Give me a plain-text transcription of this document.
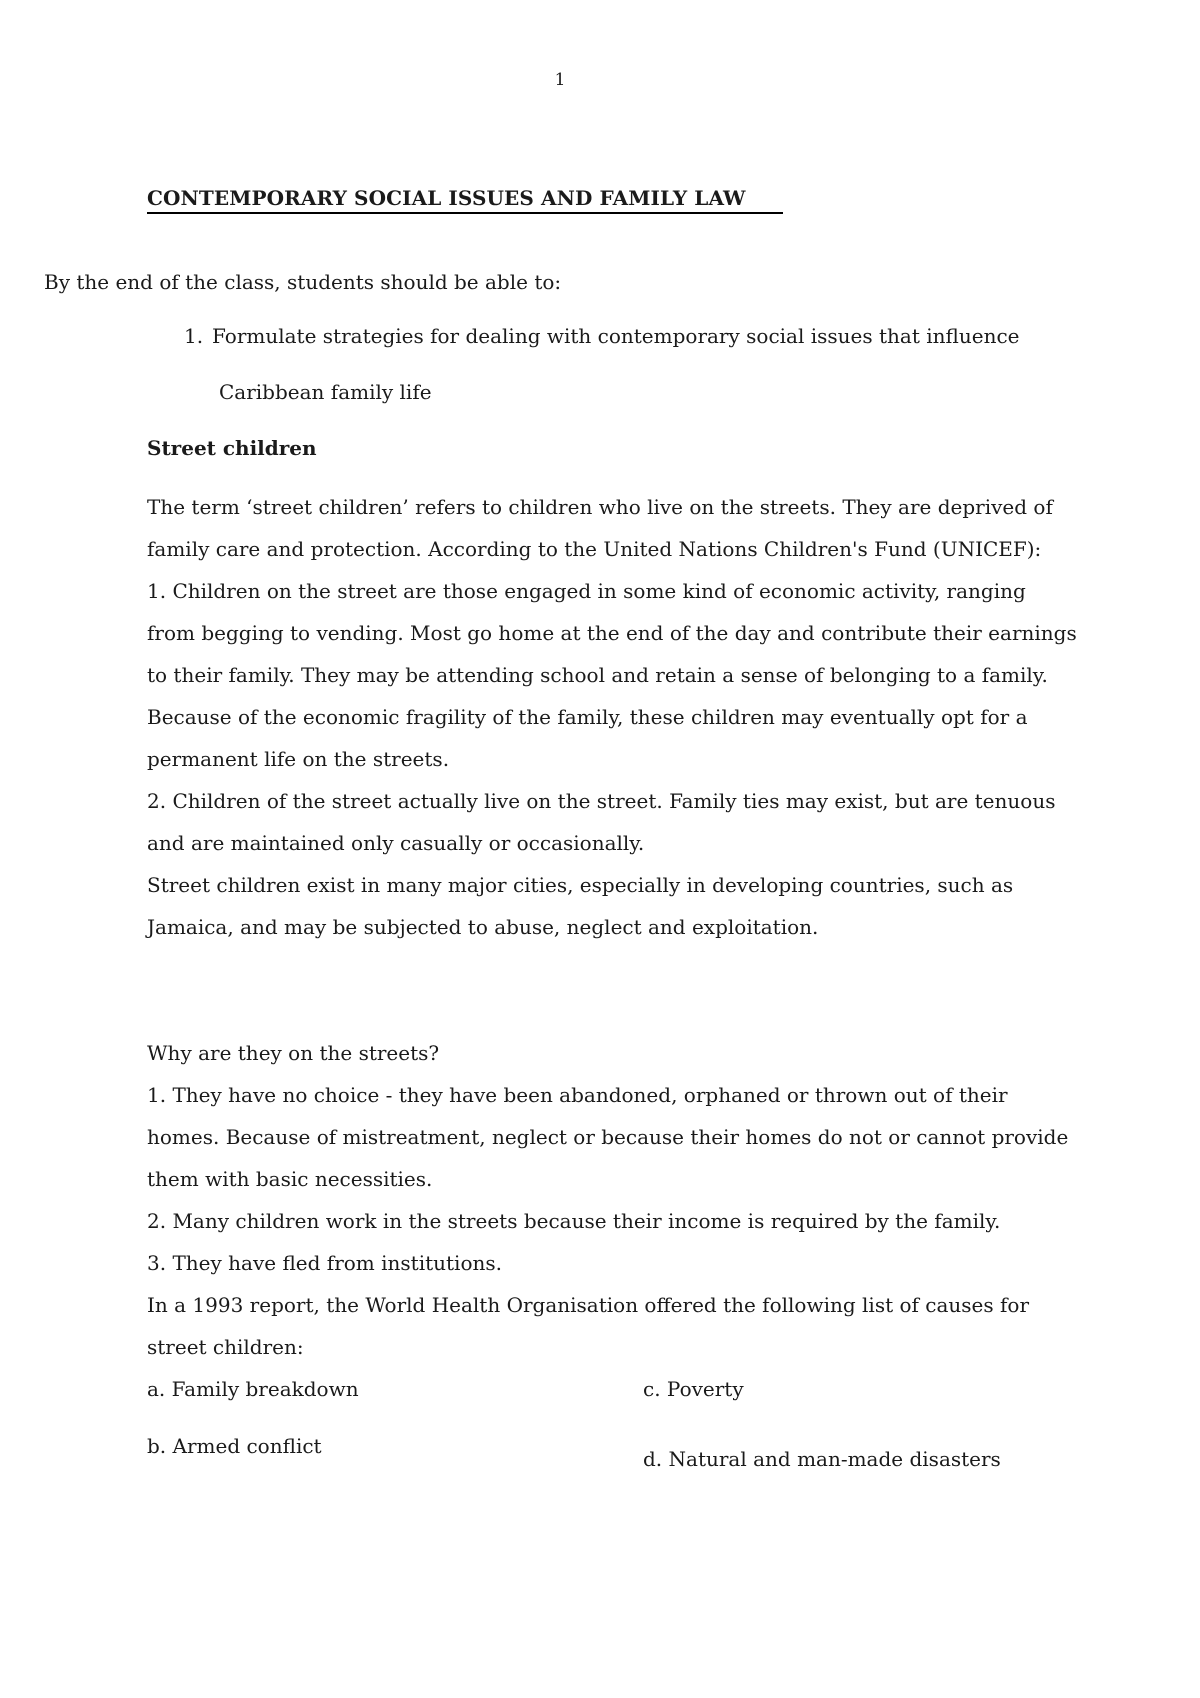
1
CONTEMPORARY SOCIAL ISSUES AND FAMILY LAW
By the end of the class, students should be able to:
1. Formulate strategies for dealing with contemporary social issues that influence
Caribbean family life
Street children

The term ‘street children’ refers to children who live on the streets. They are deprived of family care and protection. According to the United Nations Children's Fund (UNICEF):

1. Children on the street are those engaged in some kind of economic activity, ranging from begging to vending. Most go home at the end of the day and contribute their earnings to their family. They may be attending school and retain a sense of belonging to a family. Because of the economic fragility of the family, these children may eventually opt for a permanent life on the streets.

2. Children of the street actually live on the street. Family ties may exist, but are tenuous and are maintained only casually or occasionally.

Street children exist in many major cities, especially in developing countries, such as Jamaica, and may be subjected to abuse, neglect and exploitation.

Why are they on the streets?

1. They have no choice - they have been abandoned, orphaned or thrown out of their homes. Because of mistreatment, neglect or because their homes do not or cannot provide them with basic necessities.

2. Many children work in the streets because their income is required by the family.

3. They have fled from institutions.

In a 1993 report, the World Health Organisation offered the following list of causes for street children:

a. Family breakdown	c. Poverty
b. Armed conflict
d. Natural and man-made disasters
